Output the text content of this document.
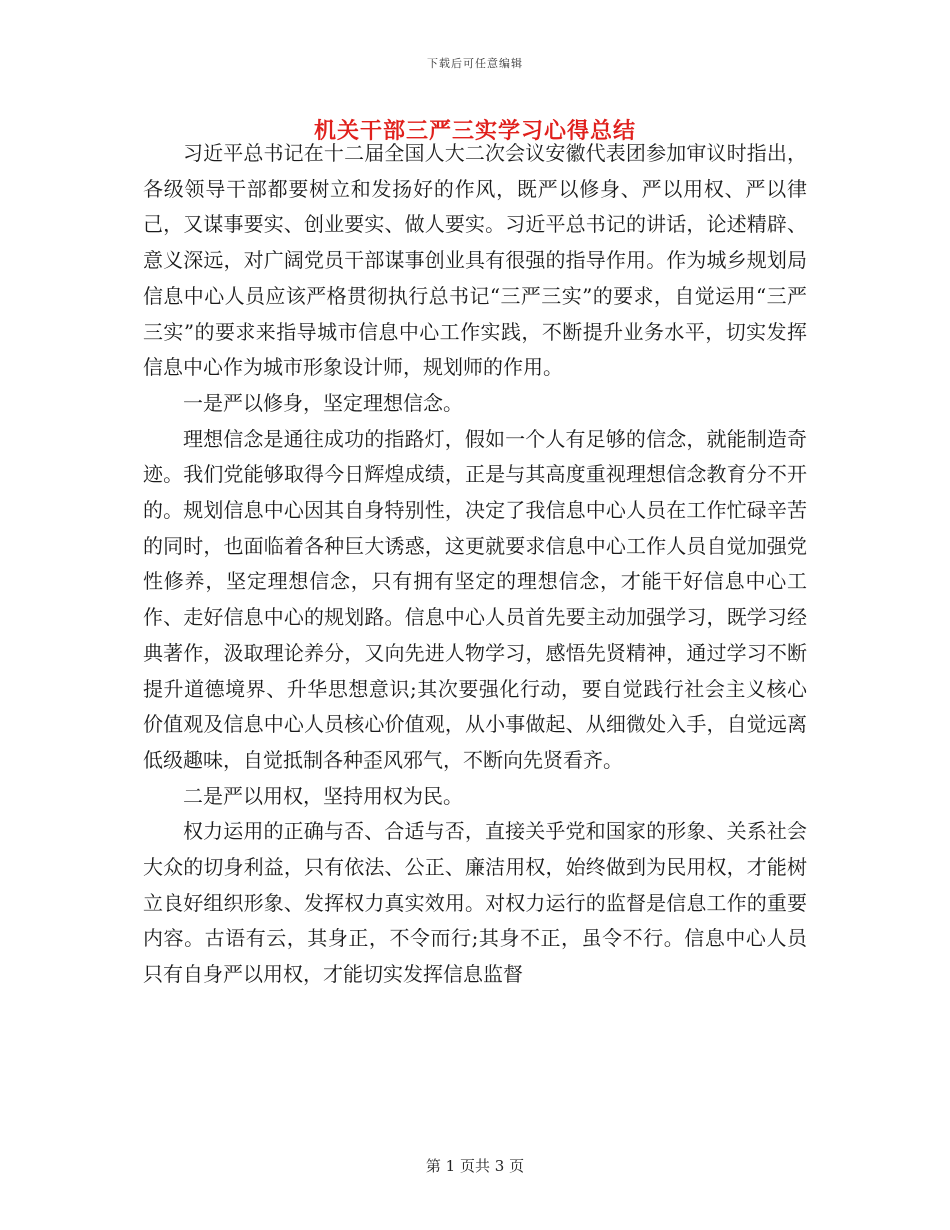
下载后可任意编辑
机关干部三严三实学习心得总结

习近平总书记在十二届全国人大二次会议安徽代表团参加审议时指出，各级领导干部都要树立和发扬好的作风，既严以修身、严以用权、严以律己，又谋事要实、创业要实、做人要实。习近平总书记的讲话，论述精辟、意义深远，对广阔党员干部谋事创业具有很强的指导作用。作为城乡规划局信息中心人员应该严格贯彻执行总书记“三严三实”的要求，自觉运用“三严三实”的要求来指导城市信息中心工作实践，不断提升业务水平，切实发挥信息中心作为城市形象设计师，规划师的作用。

一是严以修身，坚定理想信念。

理想信念是通往成功的指路灯，假如一个人有足够的信念，就能制造奇迹。我们党能够取得今日辉煌成绩，正是与其高度重视理想信念教育分不开的。规划信息中心因其自身特别性，决定了我信息中心人员在工作忙碌辛苦的同时，也面临着各种巨大诱惑，这更就要求信息中心工作人员自觉加强党性修养，坚定理想信念，只有拥有坚定的理想信念，才能干好信息中心工作、走好信息中心的规划路。信息中心人员首先要主动加强学习，既学习经典著作，汲取理论养分，又向先进人物学习，感悟先贤精神，通过学习不断提升道德境界、升华思想意识;其次要强化行动，要自觉践行社会主义核心价值观及信息中心人员核心价值观，从小事做起、从细微处入手，自觉远离低级趣味，自觉抵制各种歪风邪气，不断向先贤看齐。

二是严以用权，坚持用权为民。

权力运用的正确与否、合适与否，直接关乎党和国家的形象、关系社会大众的切身利益，只有依法、公正、廉洁用权，始终做到为民用权，才能树立良好组织形象、发挥权力真实效用。对权力运行的监督是信息工作的重要内容。古语有云，其身正，不令而行;其身不正，虽令不行。信息中心人员只有自身严以用权，才能切实发挥信息监督

第 1 页共 3 页
